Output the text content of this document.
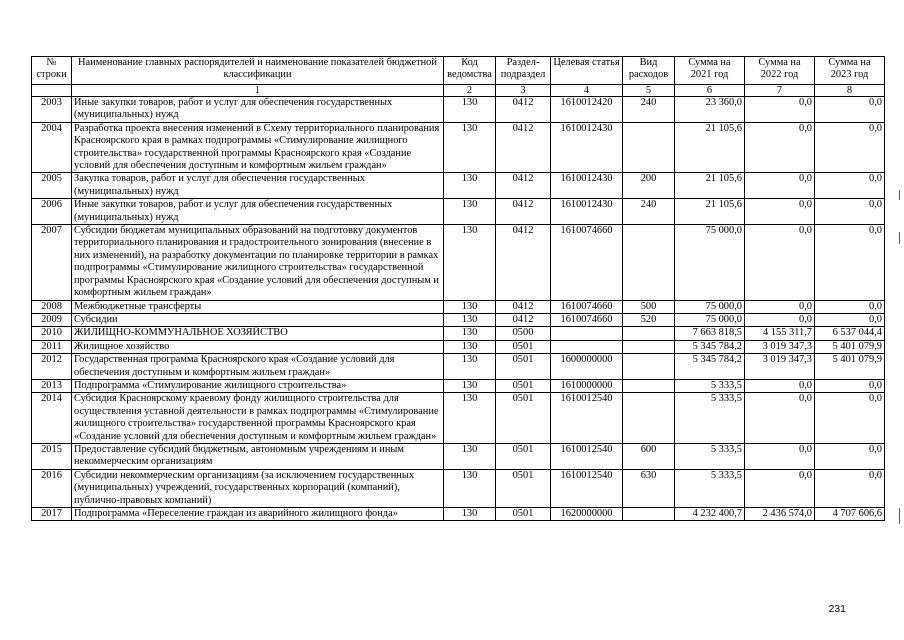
№ строки	Наименование главных распорядителей и наименование показателей бюджетной классификации	Код ведомства	Раздел-подраздел	Целевая статья	Вид расходов	Сумма на 2021 год	Сумма на 2022 год	Сумма на 2023 год
	1	2	3	4	5	6	7	8
2003	Иные закупки товаров, работ и услуг для обеспечения государственных (муниципальных) нужд	130	0412	1610012420	240	23 360,0	0,0	0,0
2004	Разработка проекта внесения изменений в Схему территориального планирования Красноярского края в рамках подпрограммы «Стимулирование жилищного строительства» государственной программы Красноярского края «Создание условий для обеспечения доступным и комфортным жильем граждан»	130	0412	1610012430		21 105,6	0,0	0,0
2005	Закупка товаров, работ и услуг для обеспечения государственных (муниципальных) нужд	130	0412	1610012430	200	21 105,6	0,0	0,0
2006	Иные закупки товаров, работ и услуг для обеспечения государственных (муниципальных) нужд	130	0412	1610012430	240	21 105,6	0,0	0,0
2007	Субсидии бюджетам муниципальных образований на подготовку документов территориального планирования и градостроительного зонирования (внесение в них изменений), на разработку документации по планировке территории в рамках подпрограммы «Стимулирование жилищного строительства» государственной программы Красноярского края «Создание условий для обеспечения доступным и комфортным жильем граждан»	130	0412	1610074660		75 000,0	0,0	0,0
2008	Межбюджетные трансферты	130	0412	1610074660	500	75 000,0	0,0	0,0
2009	Субсидии	130	0412	1610074660	520	75 000,0	0,0	0,0
2010	ЖИЛИЩНО-КОММУНАЛЬНОЕ ХОЗЯЙСТВО	130	0500			7 663 818,5	4 155 311,7	6 537 044,4
2011	Жилищное хозяйство	130	0501			5 345 784,2	3 019 347,3	5 401 079,9
2012	Государственная программа Красноярского края «Создание условий для обеспечения доступным и комфортным жильем граждан»	130	0501	1600000000		5 345 784,2	3 019 347,3	5 401 079,9
2013	Подпрограмма «Стимулирование жилищного строительства»	130	0501	1610000000		5 333,5	0,0	0,0
2014	Субсидия Красноярскому краевому фонду жилищного строительства для осуществления уставной деятельности в рамках подпрограммы «Стимулирование жилищного строительства» государственной программы Красноярского края «Создание условий для обеспечения доступным и комфортным жильем граждан»	130	0501	1610012540		5 333,5	0,0	0,0
2015	Предоставление субсидий бюджетным, автономным учреждениям и иным некоммерческим организациям	130	0501	1610012540	600	5 333,5	0,0	0,0
2016	Субсидии некоммерческим организациям (за исключением государственных (муниципальных) учреждений, государственных корпораций (компаний), публично-правовых компаний)	130	0501	1610012540	630	5 333,5	0,0	0,0
2017	Подпрограмма «Переселение граждан из аварийного жилищного фонда»	130	0501	1620000000		4 232 400,7	2 436 574,0	4 707 606,6
231
